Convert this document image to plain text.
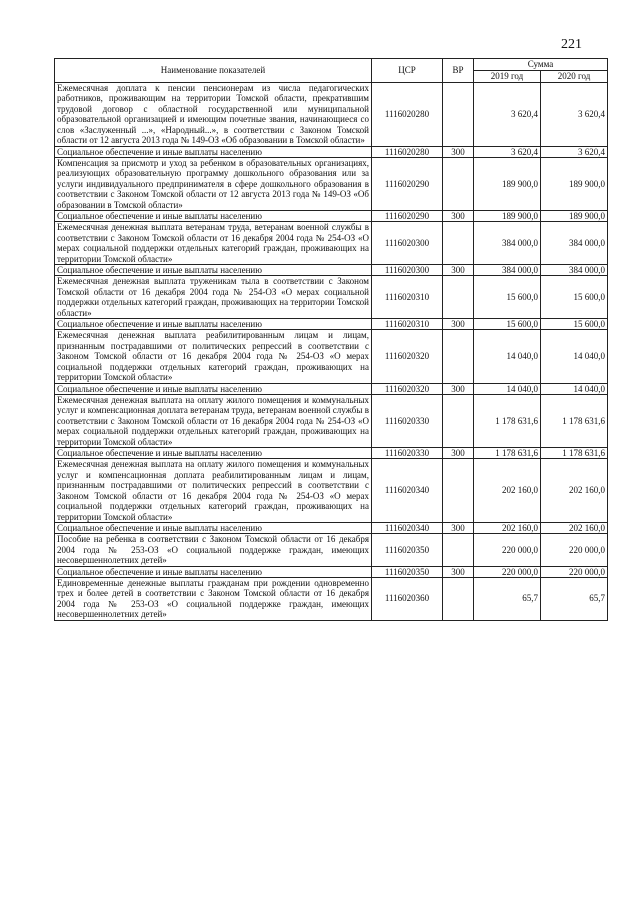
221
Наименование показателей	ЦСР	ВР	Сумма	
			2019 год	2020 год
Ежемесячная доплата к пенсии пенсионерам из числа педагогических работников, проживающим на территории Томской области, прекратившим трудовой договор с областной государственной или муниципальной образовательной организацией и имеющим почетные звания, начинающиеся со слов «Заслуженный ...», «Народный...», в соответствии с Законом Томской области от 12 августа 2013 года № 149-ОЗ «Об образовании в Томской области»	1116020280		3 620,4	3 620,4
Социальное обеспечение и иные выплаты населению	1116020280	300	3 620,4	3 620,4
Компенсация за присмотр и уход за ребенком в образовательных организациях, реализующих образовательную программу дошкольного образования или за услуги индивидуального предпринимателя в сфере дошкольного образования в соответствии с Законом Томской области от 12 августа 2013 года № 149-ОЗ «Об образовании в Томской области»	1116020290		189 900,0	189 900,0
Социальное обеспечение и иные выплаты населению	1116020290	300	189 900,0	189 900,0
Ежемесячная денежная выплата ветеранам труда, ветеранам военной службы в соответствии с Законом Томской области от 16 декабря 2004 года № 254-ОЗ «О мерах социальной поддержки отдельных категорий граждан, проживающих на территории Томской области»	1116020300		384 000,0	384 000,0
Социальное обеспечение и иные выплаты населению	1116020300	300	384 000,0	384 000,0
Ежемесячная денежная выплата труженикам тыла в соответствии с Законом Томской области от 16 декабря 2004 года № 254-ОЗ «О мерах социальной поддержки отдельных категорий граждан, проживающих на территории Томской области»	1116020310		15 600,0	15 600,0
Социальное обеспечение и иные выплаты населению	1116020310	300	15 600,0	15 600,0
Ежемесячная денежная выплата реабилитированным лицам и лицам, признанным пострадавшими от политических репрессий в соответствии с Законом Томской области от 16 декабря 2004 года № 254-ОЗ «О мерах социальной поддержки отдельных категорий граждан, проживающих на территории Томской области»	1116020320		14 040,0	14 040,0
Социальное обеспечение и иные выплаты населению	1116020320	300	14 040,0	14 040,0
Ежемесячная денежная выплата на оплату жилого помещения и коммунальных услуг и компенсационная доплата ветеранам труда, ветеранам военной службы в соответствии с Законом Томской области от 16 декабря 2004 года № 254-ОЗ «О мерах социальной поддержки отдельных категорий граждан, проживающих на территории Томской области»	1116020330		1 178 631,6	1 178 631,6
Социальное обеспечение и иные выплаты населению	1116020330	300	1 178 631,6	1 178 631,6
Ежемесячная денежная выплата на оплату жилого помещения и коммунальных услуг и компенсационная доплата реабилитированным лицам и лицам, признанным пострадавшими от политических репрессий в соответствии с Законом Томской области от 16 декабря 2004 года № 254-ОЗ «О мерах социальной поддержки отдельных категорий граждан, проживающих на территории Томской области»	1116020340		202 160,0	202 160,0
Социальное обеспечение и иные выплаты населению	1116020340	300	202 160,0	202 160,0
Пособие на ребенка в соответствии с Законом Томской области от 16 декабря 2004 года № 253-ОЗ «О социальной поддержке граждан, имеющих несовершеннолетних детей»	1116020350		220 000,0	220 000,0
Социальное обеспечение и иные выплаты населению	1116020350	300	220 000,0	220 000,0
Единовременные денежные выплаты гражданам при рождении одновременно трех и более детей в соответствии с Законом Томской области от 16 декабря 2004 года № 253-ОЗ «О социальной поддержке граждан, имеющих несовершеннолетних детей»	1116020360		65,7	65,7
